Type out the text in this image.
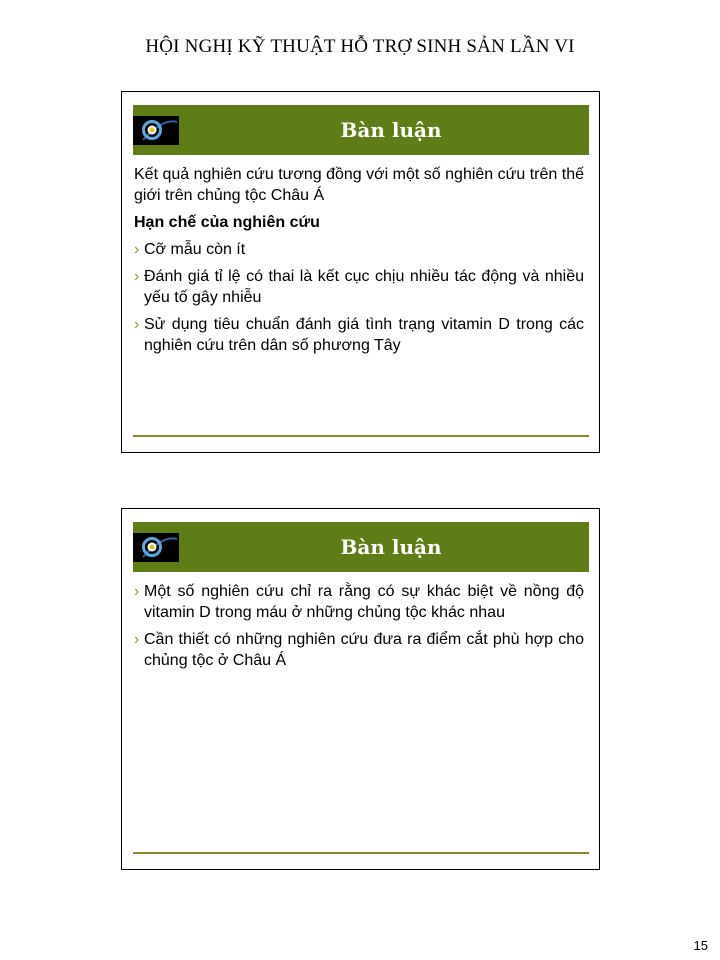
HỘI NGHỊ KỸ THUẬT HỖ TRỢ SINH SẢN LẦN VI
Bàn luận
Kết quả nghiên cứu tương đồng với một số nghiên cứu trên thế giới trên chủng tộc Châu Á
Hạn chế của nghiên cứu
› Cỡ mẫu còn ít
› Đánh giá tỉ lệ có thai là kết cục chịu nhiều tác động và nhiều yếu tố gây nhiễu
› Sử dụng tiêu chuẩn đánh giá tình trạng vitamin D trong các nghiên cứu trên dân số phương Tây
Bàn luận
› Một số nghiên cứu chỉ ra rằng có sự khác biệt về nồng độ vitamin D trong máu ở những chủng tộc khác nhau
› Cần thiết có những nghiên cứu đưa ra điểm cắt phù hợp cho chủng tộc ở Châu Á
15
